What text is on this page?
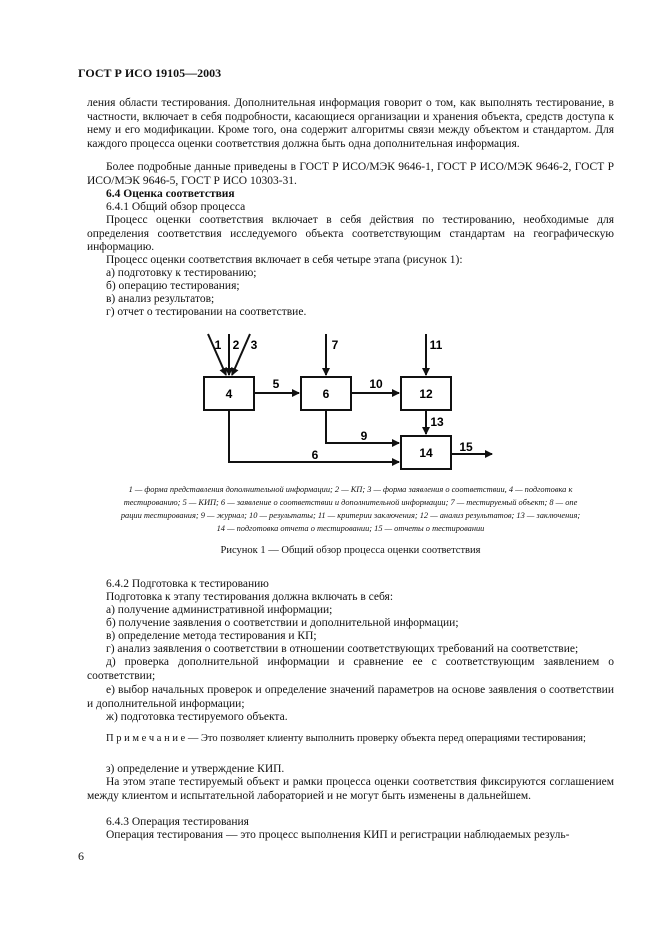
ГОСТ Р ИСО 19105—2003
ления области тестирования. Дополнительная информация говорит о том, как выполнять тестирование, в частности, включает в себя подробности, касающиеся организации и хранения объекта, средств доступа к нему и его модификации. Кроме того, она содержит алгоритмы связи между объектом и стандартом. Для каждого процесса оценки соответствия должна быть одна дополнительная информация.
Более подробные данные приведены в ГОСТ Р ИСО/МЭК 9646-1, ГОСТ Р ИСО/МЭК 9646-2, ГОСТ Р ИСО/МЭК 9646-5, ГОСТ Р ИСО 10303-31.
6.4 Оценка соответствия
6.4.1 Общий обзор процесса
Процесс оценки соответствия включает в себя действия по тестированию, необходимые для определения соответствия исследуемого объекта соответствующим стандартам на географическую информацию.
Процесс оценки соответствия включает в себя четыре этапа (рисунок 1):
а) подготовку к тестированию;
б) операцию тестирования;
в) анализ результатов;
г) отчет о тестировании на соответствие.
4	6	12
14
1 2 3
5
7
10
11
13
9
6
15
1 — форма представления дополнительной информации; 2 — КП; 3 — форма заявления о соответствии, 4 — подготовка к
тестированию; 5 — КИП; 6 — заявление о соответствии и дополнительной информации; 7 — тестируемый объект; 8 — опе
рации тестирования; 9 — журнал; 10 — результаты; 11 — критерии заключения; 12 — анализ результатов; 13 — заключения;
14 — подготовка отчета о тестировании; 15 — отчеты о тестировании
Рисунок 1 — Общий обзор процесса оценки соответствия
6.4.2 Подготовка к тестированию
Подготовка к этапу тестирования должна включать в себя:
а) получение административной информации;
б) получение заявления о соответствии и дополнительной информации;
в) определение метода тестирования и КП;
г) анализ заявления о соответствии в отношении соответствующих требований на соответствие;
д) проверка дополнительной информации и сравнение ее с соответствующим заявлением о соответствии;
е) выбор начальных проверок и определение значений параметров на основе заявления о соответствии и дополнительной информации;
ж) подготовка тестируемого объекта.
П р и м е ч а н и е — Это позволяет клиенту выполнить проверку объекта перед операциями тестирования;
з) определение и утверждение КИП.
На этом этапе тестируемый объект и рамки процесса оценки соответствия фиксируются соглашением между клиентом и испытательной лабораторией и не могут быть изменены в дальнейшем.
6.4.3 Операция тестирования
Операция тестирования — это процесс выполнения КИП и регистрации наблюдаемых резуль-
6
